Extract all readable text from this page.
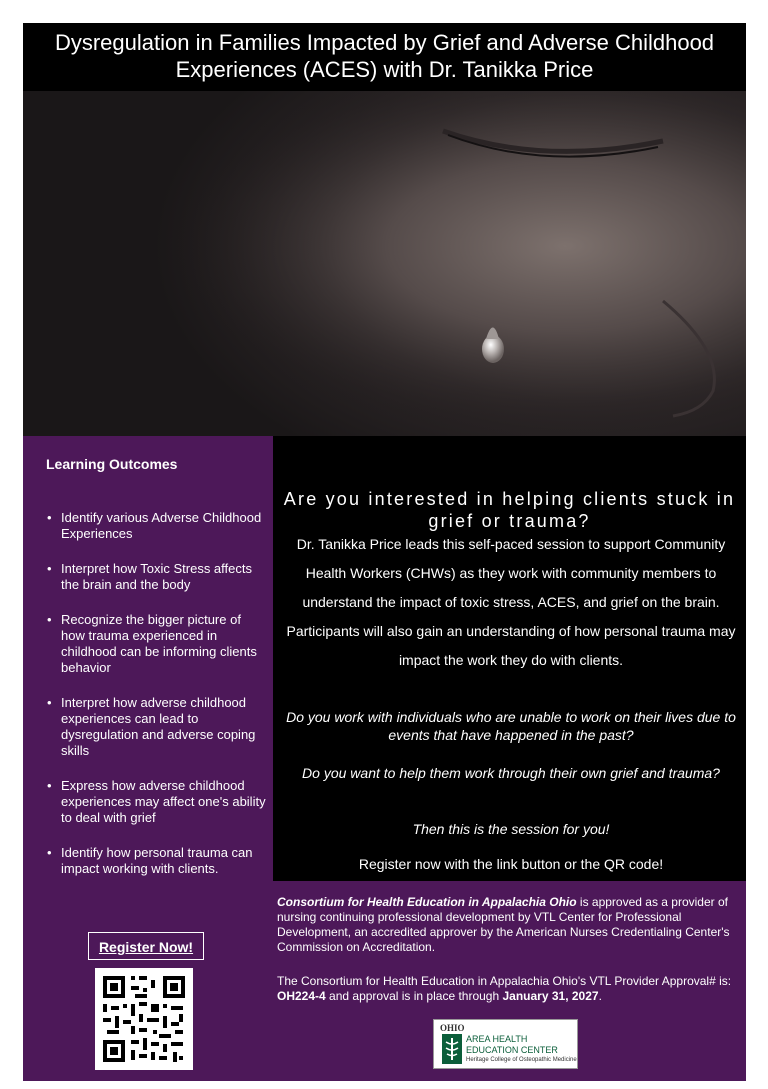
Dysregulation in Families Impacted by Grief and Adverse Childhood
Experiences (ACES) with Dr. Tanikka Price
Learning Outcomes
• Identify various Adverse Childhood Experiences
• Interpret how Toxic Stress affects the brain and the body
• Recognize the bigger picture of how trauma experienced in childhood can be informing clients behavior
• Interpret how adverse childhood experiences can lead to dysregulation and adverse coping skills
• Express how adverse childhood experiences may affect one's ability to deal with grief
• Identify how personal trauma can impact working with clients.
Register Now!
Are you interested in helping clients stuck in grief or trauma?
Dr. Tanikka Price leads this self-paced session to support Community Health Workers (CHWs) as they work with community members to understand the impact of toxic stress, ACES, and grief on the brain. Participants will also gain an understanding of how personal trauma may impact the work they do with clients.
Do you work with individuals who are unable to work on their lives due to events that have happened in the past?
Do you want to help them work through their own grief and trauma?
Then this is the session for you!
Register now with the link button or the QR code!

Consortium for Health Education in Appalachia Ohio is approved as a provider of nursing continuing professional development by VTL Center for Professional Development, an accredited approver by the American Nurses Credentialing Center's Commission on Accreditation.

The Consortium for Health Education in Appalachia Ohio's VTL Provider Approval# is: OH224-4 and approval is in place through January 31, 2027.

OHIO
AREA HEALTH
EDUCATION CENTER
Heritage College of Osteopathic Medicine
